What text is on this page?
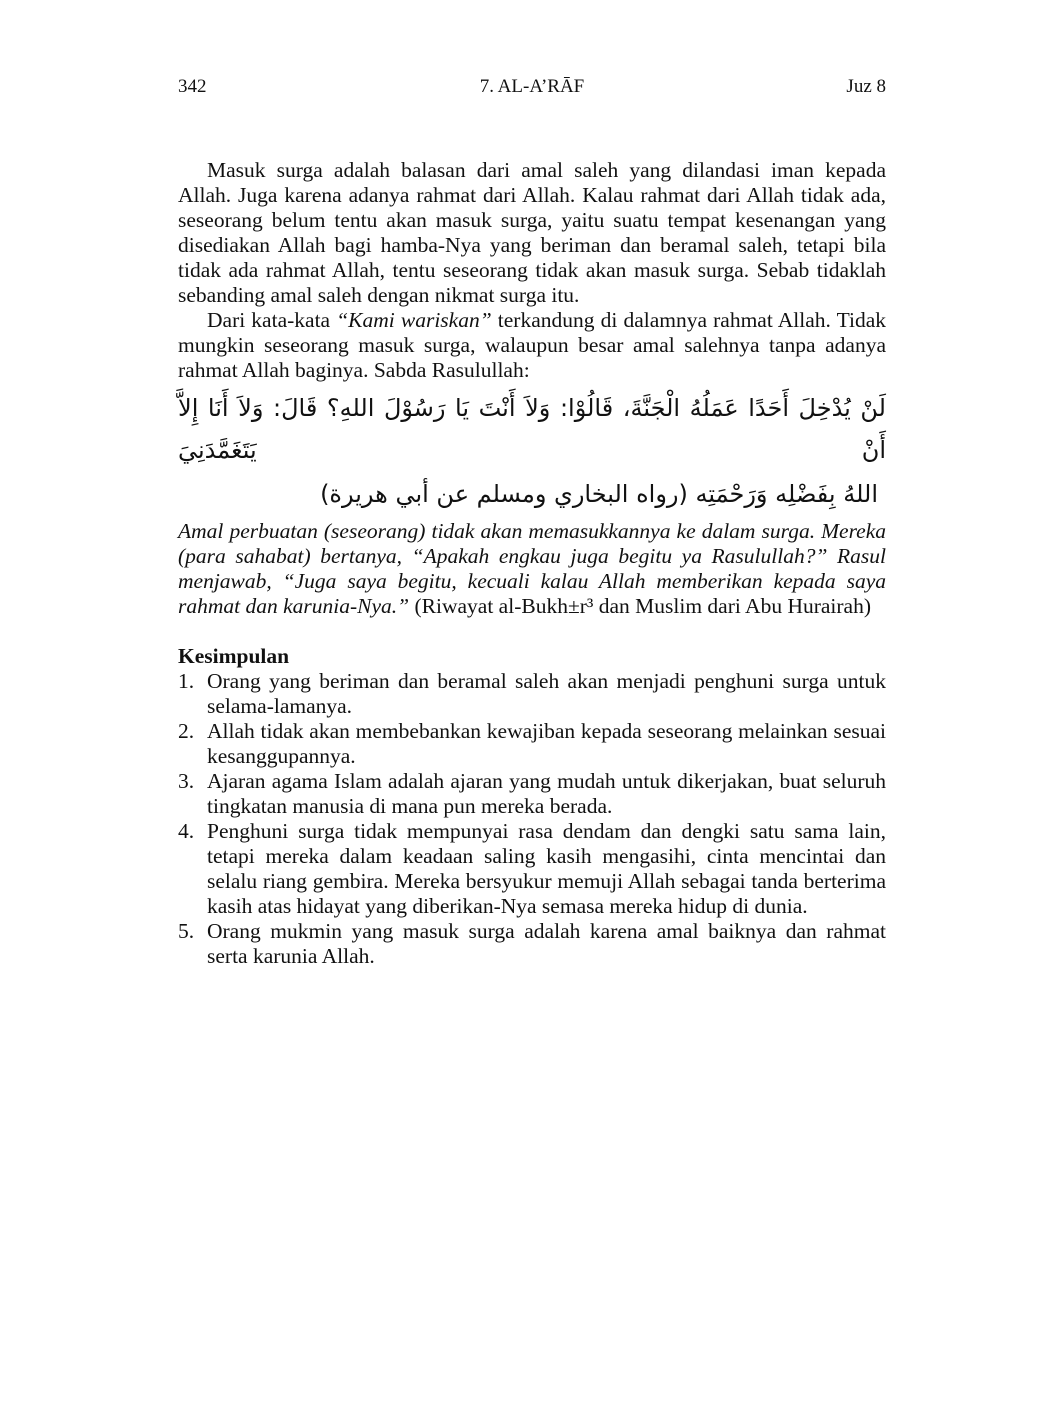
342	7. AL-A’RĀF	Juz 8

Masuk surga adalah balasan dari amal saleh yang dilandasi iman kepada Allah. Juga karena adanya rahmat dari Allah. Kalau rahmat dari Allah tidak ada, seseorang belum tentu akan masuk surga, yaitu suatu tempat kesenangan yang disediakan Allah bagi hamba-Nya yang beriman dan beramal saleh, tetapi bila tidak ada rahmat Allah, tentu seseorang tidak akan masuk surga. Sebab tidaklah sebanding amal saleh dengan nikmat surga itu.

Dari kata-kata “Kami wariskan” terkandung di dalamnya rahmat Allah. Tidak mungkin seseorang masuk surga, walaupun besar amal salehnya tanpa adanya rahmat Allah baginya. Sabda Rasulullah:

لَنْ يُدْخِلَ أَحَدًا عَمَلُهُ الْجَنَّةَ، قَالُوْا: وَلاَ أَنْتَ يَا رَسُوْلَ اللهِ؟ قَالَ: وَلاَ أَنَا إِلاَّ أَنْ يَتَغَمَّدَنِيَ
اللهُ بِفَضْلِه وَرَحْمَتِه (رواه البخاري ومسلم عن أبي هريرة)

Amal perbuatan (seseorang) tidak akan memasukkannya ke dalam surga. Mereka (para sahabat) bertanya, “Apakah engkau juga begitu ya Rasulullah?” Rasul menjawab, “Juga saya begitu, kecuali kalau Allah memberikan kepada saya rahmat dan karunia-Nya.” (Riwayat al-Bukh±r³ dan Muslim dari Abu Hurairah)

Kesimpulan
1. Orang yang beriman dan beramal saleh akan menjadi penghuni surga untuk selama-lamanya.
2. Allah tidak akan membebankan kewajiban kepada seseorang melainkan sesuai kesanggupannya.
3. Ajaran agama Islam adalah ajaran yang mudah untuk dikerjakan, buat seluruh tingkatan manusia di mana pun mereka berada.
4. Penghuni surga tidak mempunyai rasa dendam dan dengki satu sama lain, tetapi mereka dalam keadaan saling kasih mengasihi, cinta mencintai dan selalu riang gembira. Mereka bersyukur memuji Allah sebagai tanda berterima kasih atas hidayat yang diberikan-Nya semasa mereka hidup di dunia.
5. Orang mukmin yang masuk surga adalah karena amal baiknya dan rahmat serta karunia Allah.
